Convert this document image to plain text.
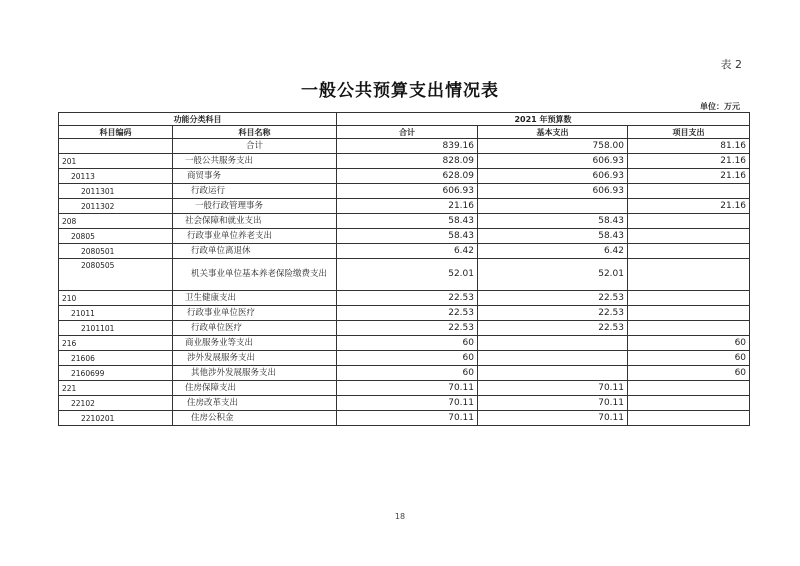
表 2
一般公共预算支出情况表
单位：万元
功能分类科目		2021 年预算数		
科目编码	科目名称	合计	基本支出	项目支出
	合计	839.16	758.00	81.16
201	一般公共服务支出	828.09	606.93	21.16
20113	商贸事务	628.09	606.93	21.16
2011301	行政运行	606.93	606.93	
2011302	一般行政管理事务	21.16		21.16
208	社会保障和就业支出	58.43	58.43	
20805	行政事业单位养老支出	58.43	58.43	
2080501	行政单位离退休	6.42	6.42	
2080505	机关事业单位基本养老保险缴费支出	52.01	52.01	
210	卫生健康支出	22.53	22.53	
21011	行政事业单位医疗	22.53	22.53	
2101101	行政单位医疗	22.53	22.53	
216	商业服务业等支出	60		60
21606	涉外发展服务支出	60		60
2160699	其他涉外发展服务支出	60		60
221	住房保障支出	70.11	70.11	
22102	住房改革支出	70.11	70.11	
2210201	住房公积金	70.11	70.11	
18
